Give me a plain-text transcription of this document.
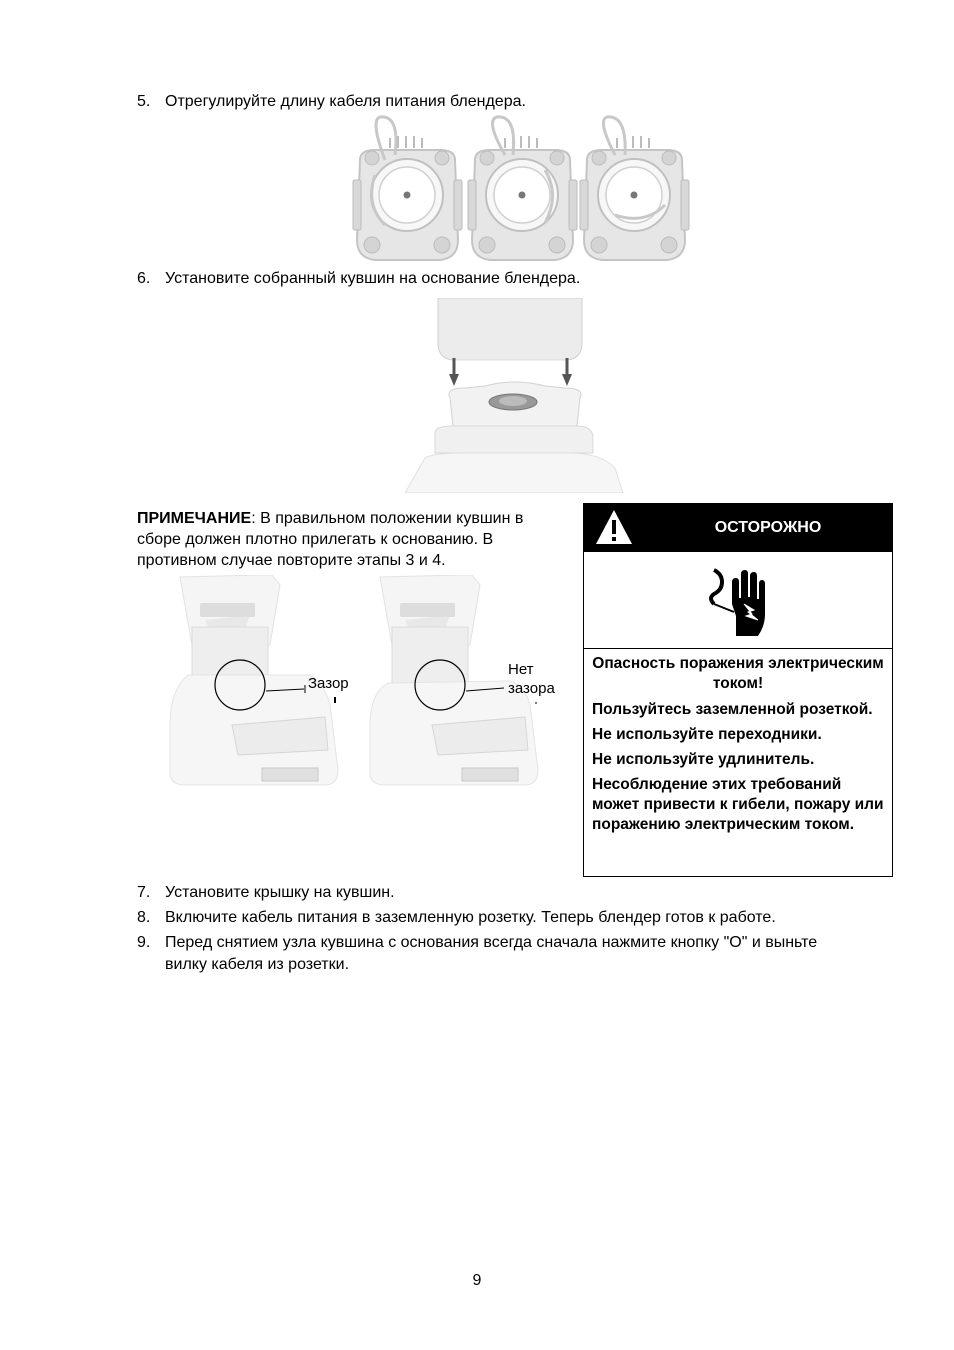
5. Отрегулируйте длину кабеля питания блендера.
6. Установите собранный кувшин на основание блендера.
ПРИМЕЧАНИЕ: В правильном положении кувшин в сборе должен плотно прилегать к основанию. В противном случае повторите этапы 3 и 4.
Зазор
Нет
зазора
ОСТОРОЖНО
Опасность поражения электрическим током!

Пользуйтесь заземленной розеткой.

Не используйте переходники.

Не используйте удлинитель.

Несоблюдение этих требований может привести к гибели, пожару или поражению электрическим током.

7. Установите крышку на кувшин.
8. Включите кабель питания в заземленную розетку. Теперь блендер готов к работе.
9. Перед снятием узла кувшина с основания всегда сначала нажмите кнопку "O" и выньте вилку кабеля из розетки.
9
